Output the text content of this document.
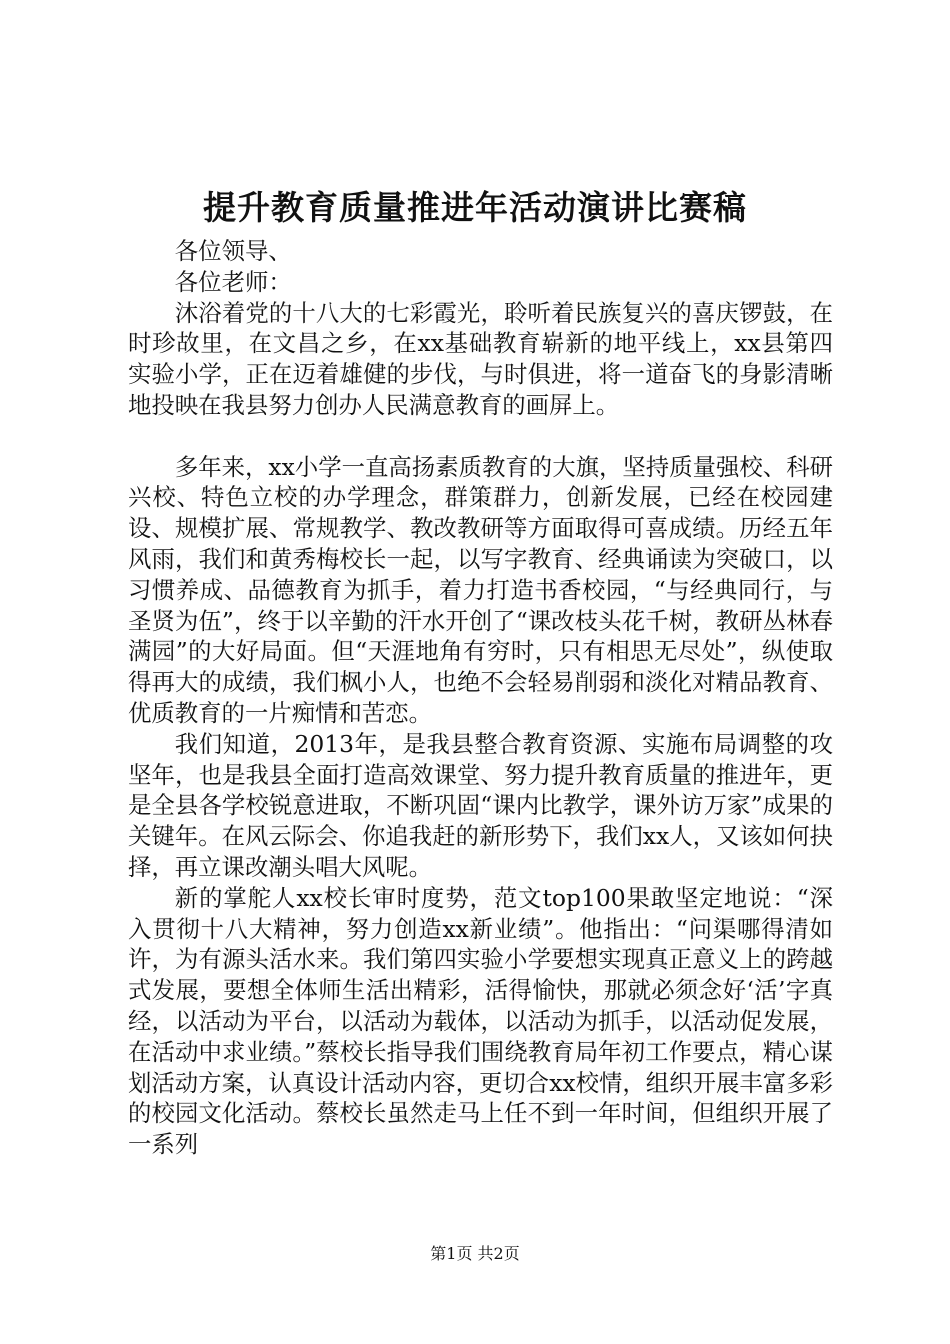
提升教育质量推进年活动演讲比赛稿

各位领导、

各位老师：

沐浴着党的十八大的七彩霞光，聆听着民族复兴的喜庆锣鼓，在时珍故里，在文昌之乡，在xx基础教育崭新的地平线上，xx县第四实验小学，正在迈着雄健的步伐，与时俱进，将一道奋飞的身影清晰地投映在我县努力创办人民满意教育的画屏上。

多年来，xx小学一直高扬素质教育的大旗，坚持质量强校、科研兴校、特色立校的办学理念，群策群力，创新发展，已经在校园建设、规模扩展、常规教学、教改教研等方面取得可喜成绩。历经五年风雨，我们和黄秀梅校长一起，以写字教育、经典诵读为突破口，以习惯养成、品德教育为抓手，着力打造书香校园，“与经典同行，与圣贤为伍”，终于以辛勤的汗水开创了“课改枝头花千树，教研丛林春满园”的大好局面。但“天涯地角有穷时，只有相思无尽处”，纵使取得再大的成绩，我们枫小人，也绝不会轻易削弱和淡化对精品教育、优质教育的一片痴情和苦恋。

我们知道，2013年，是我县整合教育资源、实施布局调整的攻坚年，也是我县全面打造高效课堂、努力提升教育质量的推进年，更是全县各学校锐意进取，不断巩固“课内比教学，课外访万家”成果的关键年。在风云际会、你追我赶的新形势下，我们xx人，又该如何抉择，再立课改潮头唱大风呢。

新的掌舵人xx校长审时度势，范文top100果敢坚定地说：“深入贯彻十八大精神，努力创造xx新业绩”。他指出：“问渠哪得清如许，为有源头活水来。我们第四实验小学要想实现真正意义上的跨越式发展，要想全体师生活出精彩，活得愉快，那就必须念好‘活’字真经，以活动为平台，以活动为载体，以活动为抓手，以活动促发展，在活动中求业绩。”蔡校长指导我们围绕教育局年初工作要点，精心谋划活动方案，认真设计活动内容，更切合xx校情，组织开展丰富多彩的校园文化活动。蔡校长虽然走马上任不到一年时间，但组织开展了一系列

第1页 共2页
